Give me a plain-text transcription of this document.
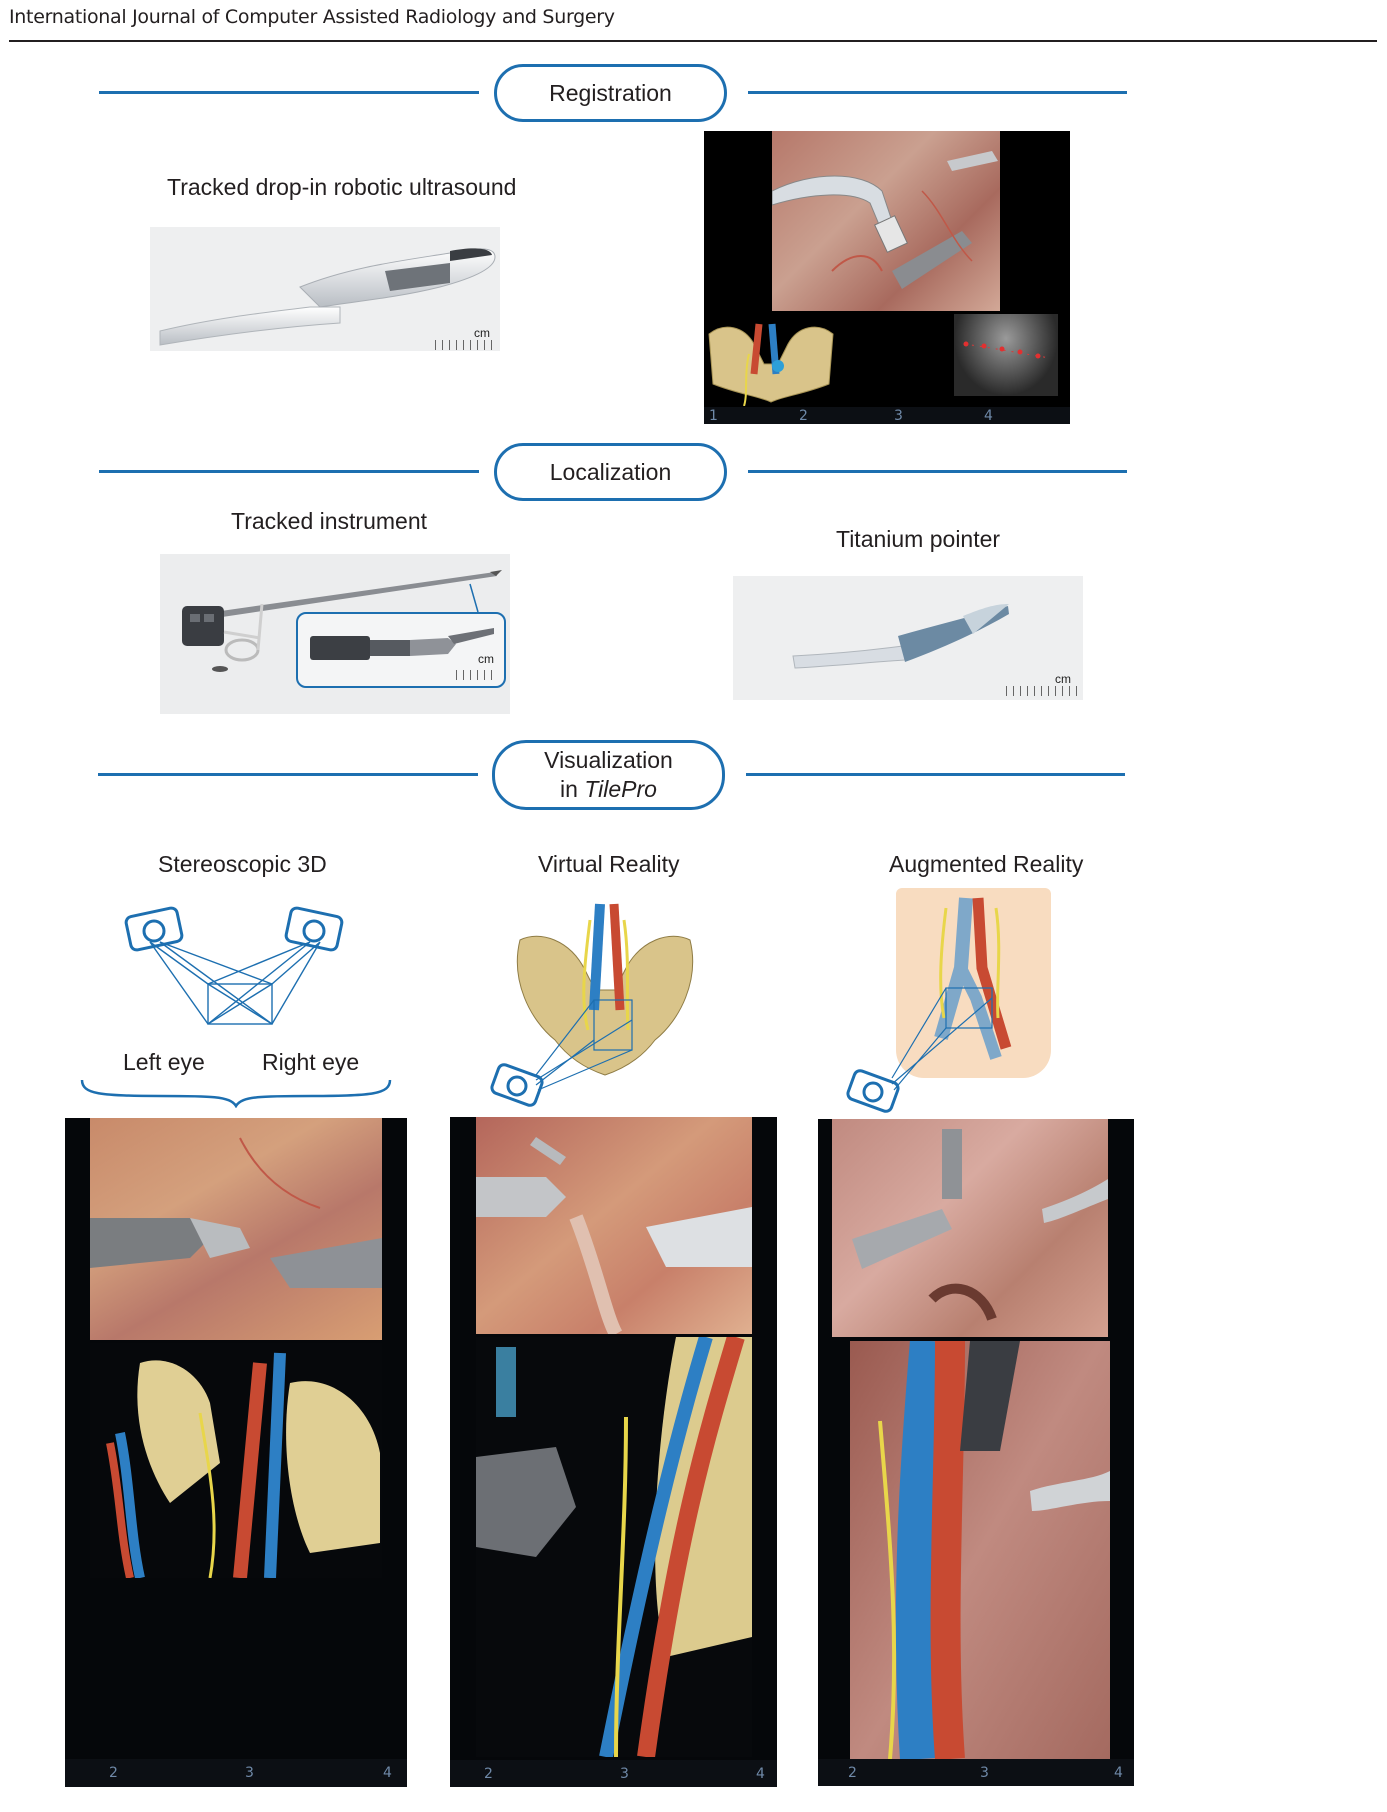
International Journal of Computer Assisted Radiology and Surgery
Registration
Tracked drop-in robotic ultrasound
cm
1	2	3	4
Localization
Tracked instrument
Titanium pointer
cm
cm
Visualization
in TilePro
Stereoscopic 3D	Virtual Reality	Augmented Reality
Left eye Right eye
2	3	4	2	3	4	2	3	4
